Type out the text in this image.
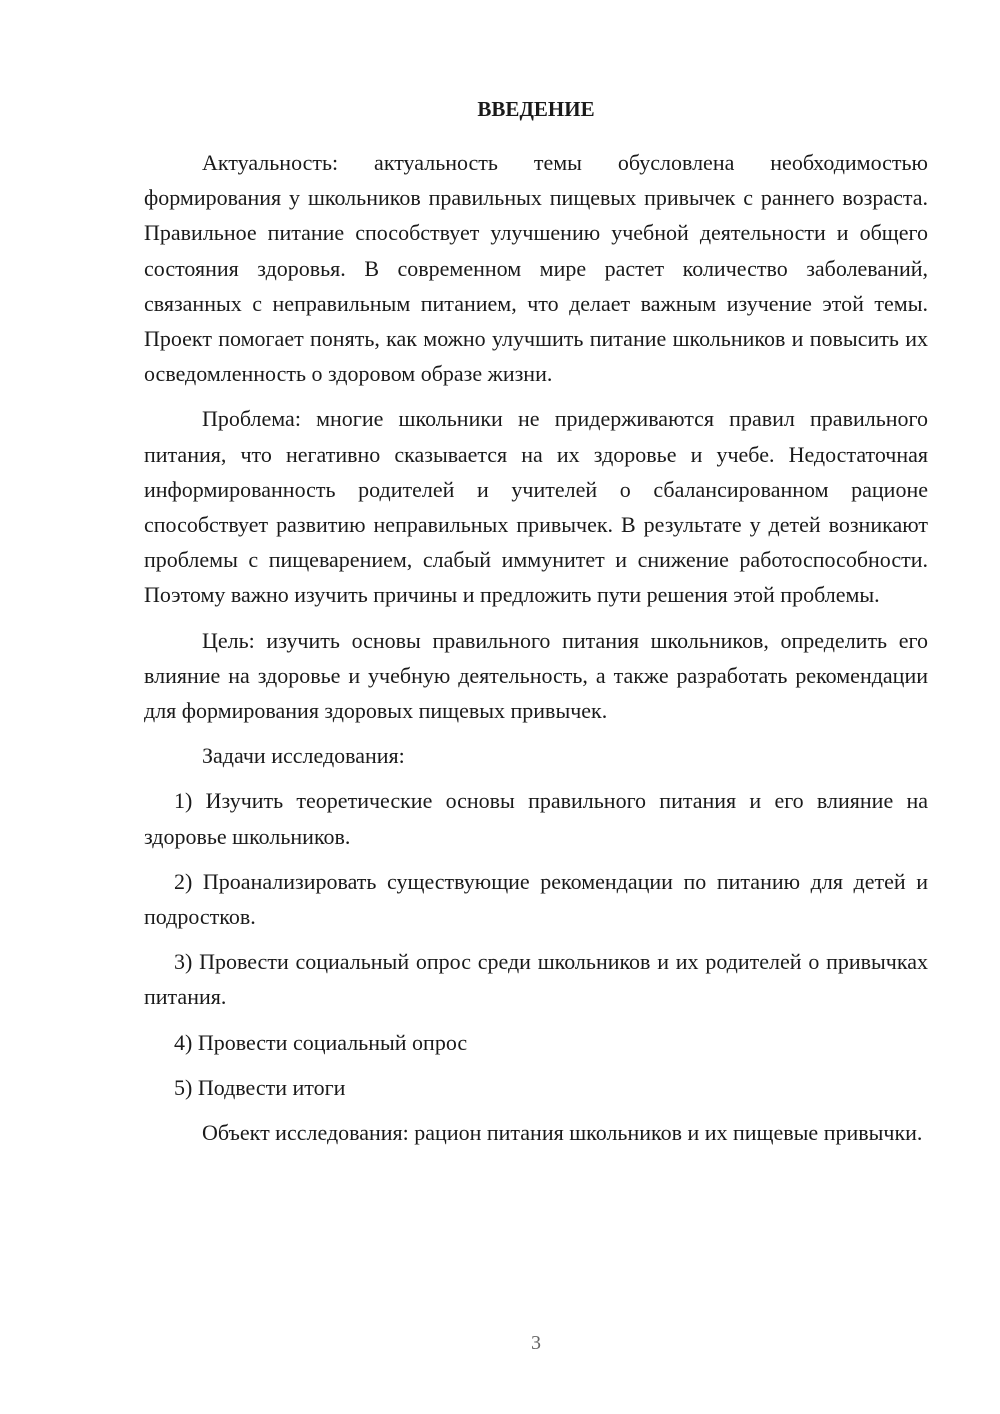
ВВЕДЕНИЕ

Актуальность: актуальность темы обусловлена необходимостью формирования у школьников правильных пищевых привычек с раннего возраста. Правильное питание способствует улучшению учебной деятельности и общего состояния здоровья. В современном мире растет количество заболеваний, связанных с неправильным питанием, что делает важным изучение этой темы. Проект помогает понять, как можно улучшить питание школьников и повысить их осведомленность о здоровом образе жизни.

Проблема: многие школьники не придерживаются правил правильного питания, что негативно сказывается на их здоровье и учебе. Недостаточная информированность родителей и учителей о сбалансированном рационе способствует развитию неправильных привычек. В результате у детей возникают проблемы с пищеварением, слабый иммунитет и снижение работоспособности. Поэтому важно изучить причины и предложить пути решения этой проблемы.

Цель: изучить основы правильного питания школьников, определить его влияние на здоровье и учебную деятельность, а также разработать рекомендации для формирования здоровых пищевых привычек.

Задачи исследования:

1) Изучить теоретические основы правильного питания и его влияние на здоровье школьников.

2) Проанализировать существующие рекомендации по питанию для детей и подростков.

3) Провести социальный опрос среди школьников и их родителей о привычках питания.

4) Провести социальный опрос

5) Подвести итоги

Объект исследования: рацион питания школьников и их пищевые привычки.

3
